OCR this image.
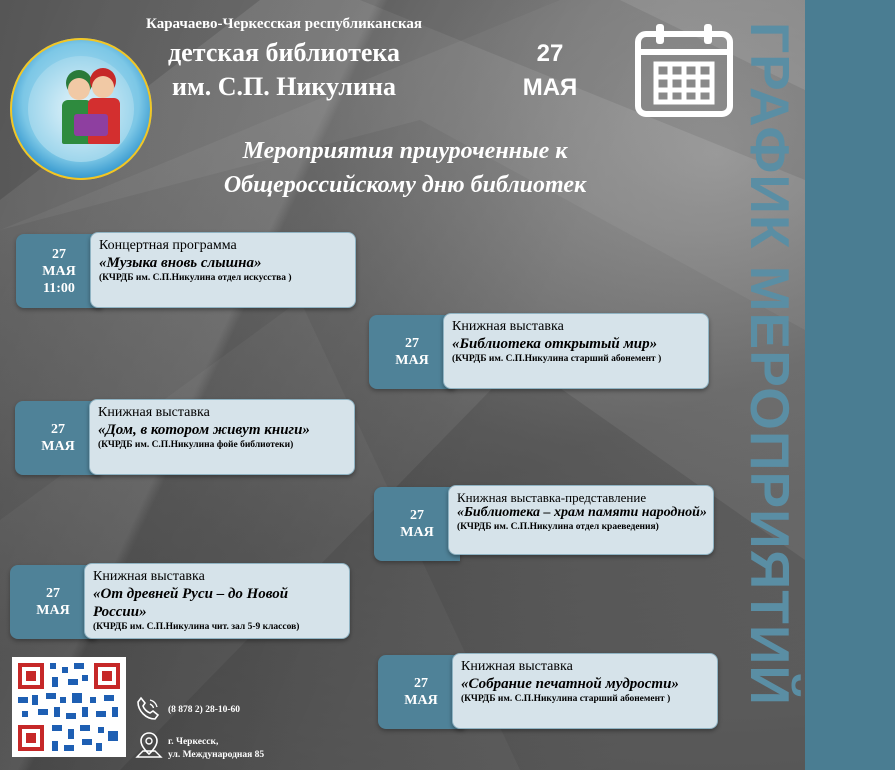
ГРАФИК МЕРОПРИЯТИЙ
Карачаево-Черкесская республиканская
детская библиотека
им. С.П. Никулина
27
МАЯ
Мероприятия приуроченные к
Общероссийскому дню библиотек
27
МАЯ
11:00
Концертная программа
«Музыка вновь слышна»
(КЧРДБ им. С.П.Никулина отдел искусства )
27
МАЯ
Книжная выставка
«Библиотека открытый мир»
(КЧРДБ им. С.П.Никулина старший абонемент )
27
МАЯ
Книжная выставка
«Дом, в котором живут книги»
(КЧРДБ им. С.П.Никулина фойе библиотеки)
27
МАЯ
Книжная выставка-представление
«Библиотека – храм памяти народной»
(КЧРДБ им. С.П.Никулина отдел краеведения)
27
МАЯ
Книжная выставка
«От древней Руси – до Новой России»
(КЧРДБ им. С.П.Никулина чит. зал 5-9 классов)
27
МАЯ
Книжная выставка
«Собрание печатной мудрости»
(КЧРДБ им. С.П.Никулина старший абонемент )
(8 878 2) 28-10-60
г. Черкесск,
ул. Международная 85
